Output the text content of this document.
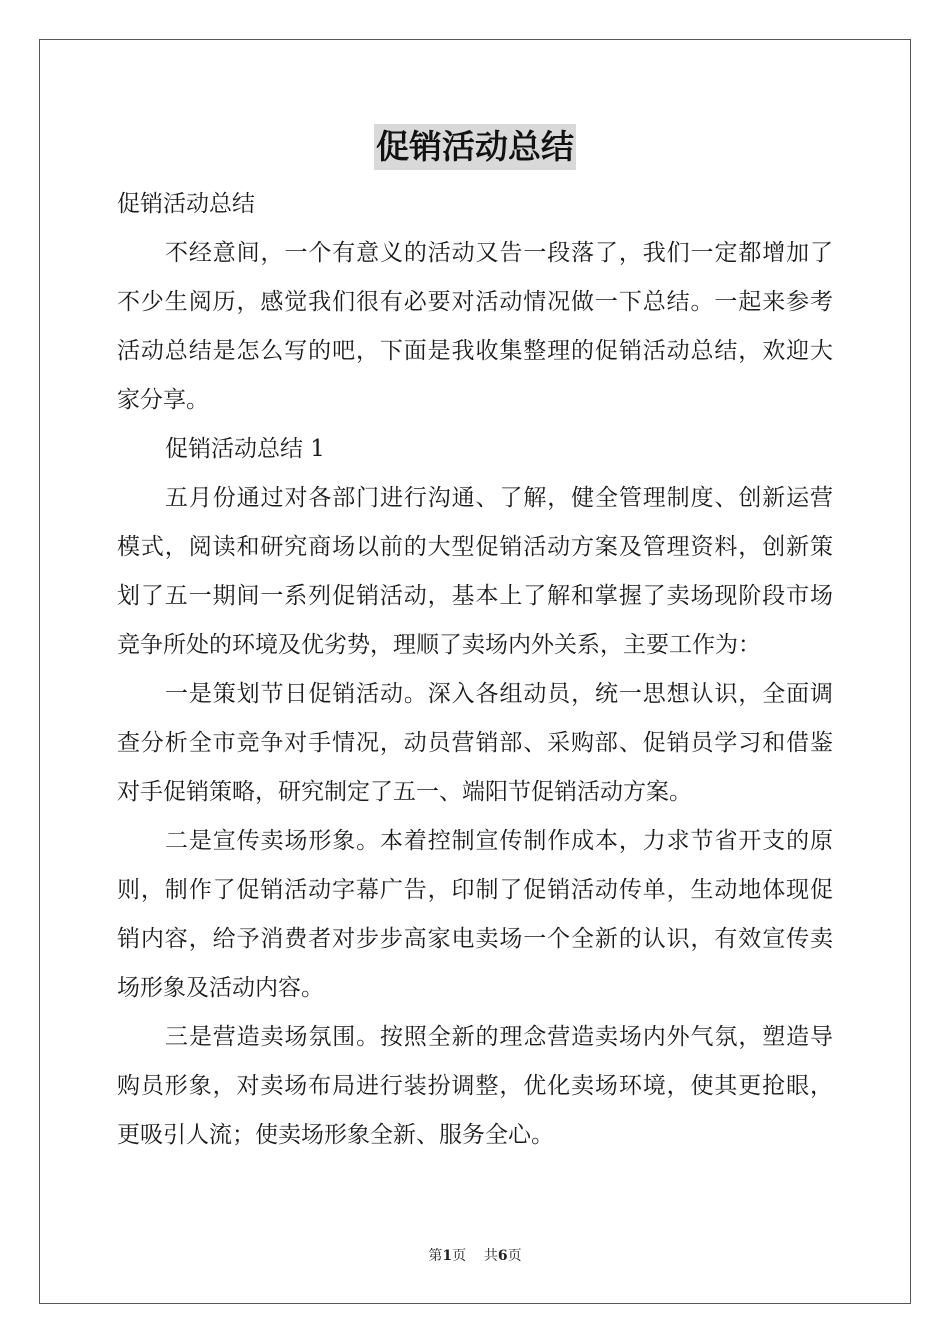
促销活动总结
促销活动总结
不经意间，一个有意义的活动又告一段落了，我们一定都增加了
不少生阅历，感觉我们很有必要对活动情况做一下总结。一起来参考
活动总结是怎么写的吧，下面是我收集整理的促销活动总结，欢迎大
家分享。
促销活动总结 1
五月份通过对各部门进行沟通、了解，健全管理制度、创新运营
模式，阅读和研究商场以前的大型促销活动方案及管理资料，创新策
划了五一期间一系列促销活动，基本上了解和掌握了卖场现阶段市场
竞争所处的环境及优劣势，理顺了卖场内外关系，主要工作为：
一是策划节日促销活动。深入各组动员，统一思想认识，全面调
查分析全市竞争对手情况，动员营销部、采购部、促销员学习和借鉴
对手促销策略，研究制定了五一、端阳节促销活动方案。
二是宣传卖场形象。本着控制宣传制作成本，力求节省开支的原
则，制作了促销活动字幕广告，印制了促销活动传单，生动地体现促
销内容，给予消费者对步步高家电卖场一个全新的认识，有效宣传卖
场形象及活动内容。
三是营造卖场氛围。按照全新的理念营造卖场内外气氛，塑造导
购员形象，对卖场布局进行装扮调整，优化卖场环境，使其更抢眼，
更吸引人流；使卖场形象全新、服务全心。
第1页 共6页
